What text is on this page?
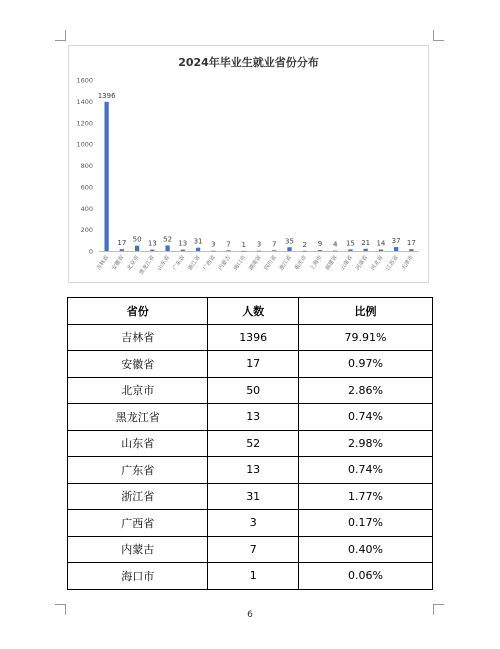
2024年毕业生就业省份分布
0
200
400
600
800
1000
1200
1400
1600
1396
吉林省
17
安徽省
50
北京市
13
黑龙江省
52
山东省
13
广东省
31
浙江省
3
广西省
7
内蒙古
1
海口市
3
湖南省
7
四川省
35
浙江省
2
重庆市
9
上海市
4
福建省
15
云南省
21
河南省
14
河北省
37
江苏省
17
天津市
省份	人数	比例
吉林省	1396	79.91%
安徽省	17	0.97%
北京市	50	2.86%
黑龙江省	13	0.74%
山东省	52	2.98%
广东省	13	0.74%
浙江省	31	1.77%
广西省	3	0.17%
内蒙古	7	0.40%
海口市	1	0.06%
6
